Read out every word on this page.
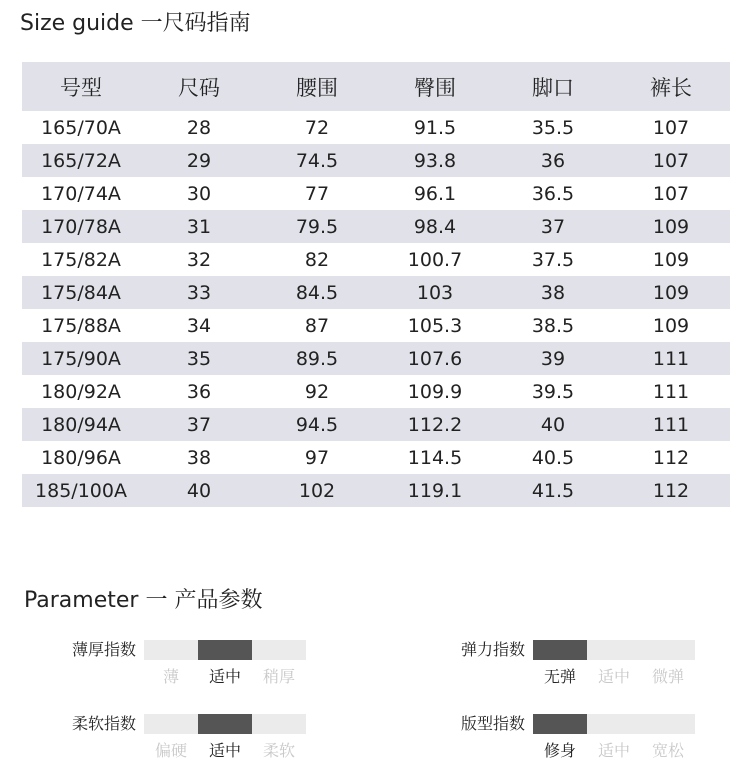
Size guide 一尺码指南
号型	尺码	腰围	臀围	脚口	裤长
165/70A	28	72	91.5	35.5	107
165/72A	29	74.5	93.8	36	107
170/74A	30	77	96.1	36.5	107
170/78A	31	79.5	98.4	37	109
175/82A	32	82	100.7	37.5	109
175/84A	33	84.5	103	38	109
175/88A	34	87	105.3	38.5	109
175/90A	35	89.5	107.6	39	111
180/92A	36	92	109.9	39.5	111
180/94A	37	94.5	112.2	40	111
180/96A	38	97	114.5	40.5	112
185/100A	40	102	119.1	41.5	112
Parameter 一 产品参数
薄厚指数
薄	适中	稍厚
弹力指数
无弹	适中	微弹
柔软指数
偏硬	适中	柔软
版型指数
修身	适中	宽松
